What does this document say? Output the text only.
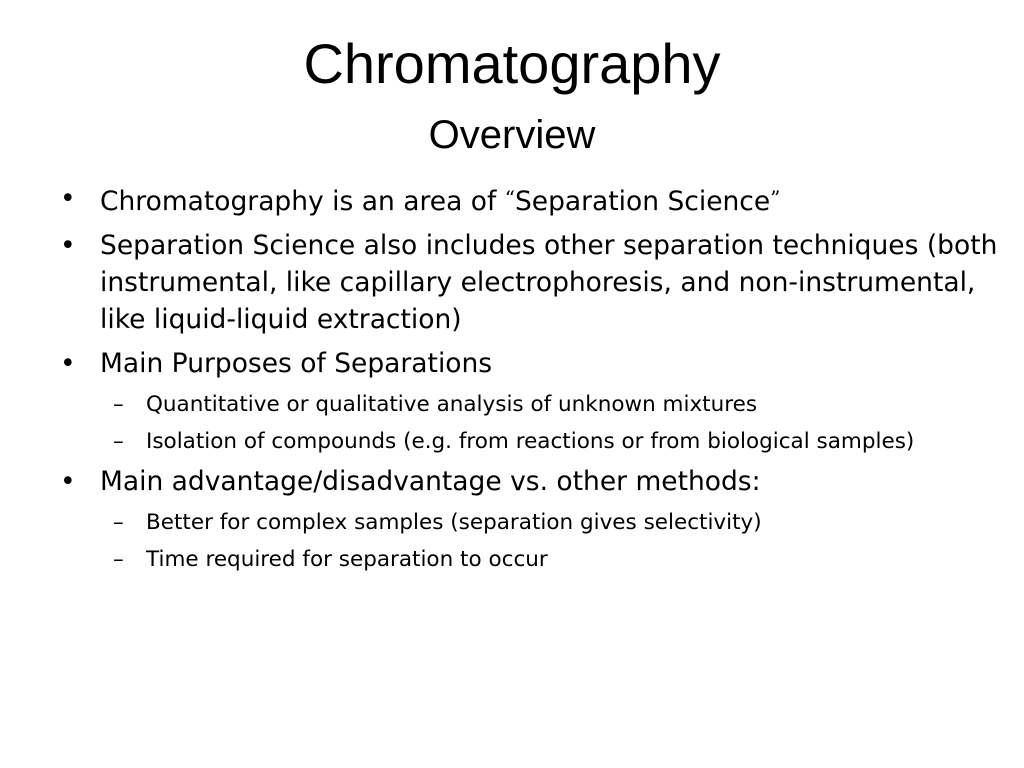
Chromatography
Overview
• Chromatography is an area of “Separation Science”
• Separation Science also includes other separation techniques (both instrumental, like capillary electrophoresis, and non-instrumental, like liquid-liquid extraction)
• Main Purposes of Separations
– Quantitative or qualitative analysis of unknown mixtures
– Isolation of compounds (e.g. from reactions or from biological samples)
• Main advantage/disadvantage vs. other methods:
– Better for complex samples (separation gives selectivity)
– Time required for separation to occur
